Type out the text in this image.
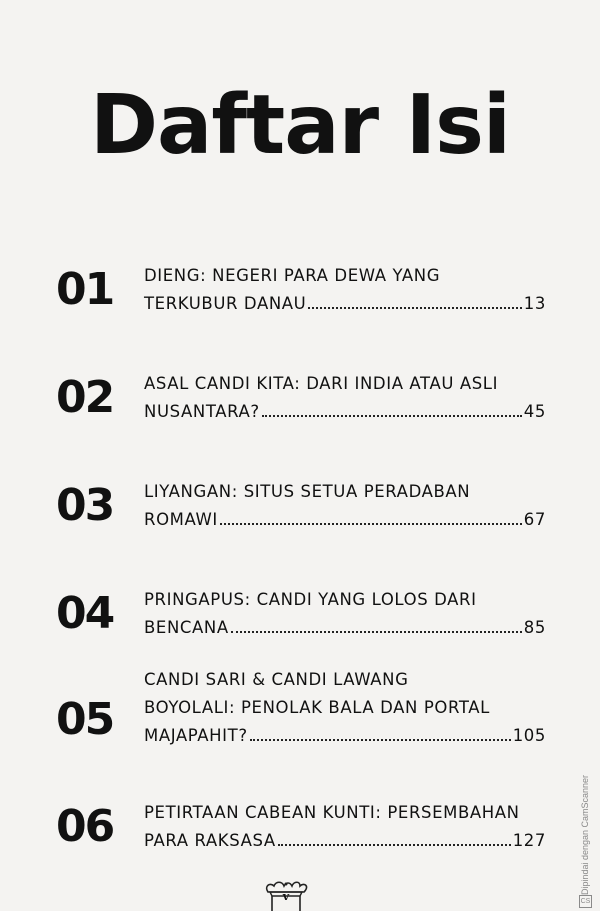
Daftar Isi
01 DIENG: NEGERI PARA DEWA YANG
TERKUBUR DANAU	13
02 ASAL CANDI KITA: DARI INDIA ATAU ASLI
NUSANTARA?	45
03 LIYANGAN: SITUS SETUA PERADABAN
ROMAWI	67
04 PRINGAPUS: CANDI YANG LOLOS DARI
BENCANA	85
05
CANDI SARI & CANDI LAWANG
BOYOLALI: PENOLAK BALA DAN PORTAL
MAJAPAHIT?	105
06 PETIRTAAN CABEAN KUNTI: PERSEMBAHAN
PARA RAKSASA	127
v
Dipindai dengan CamScanner
CS
